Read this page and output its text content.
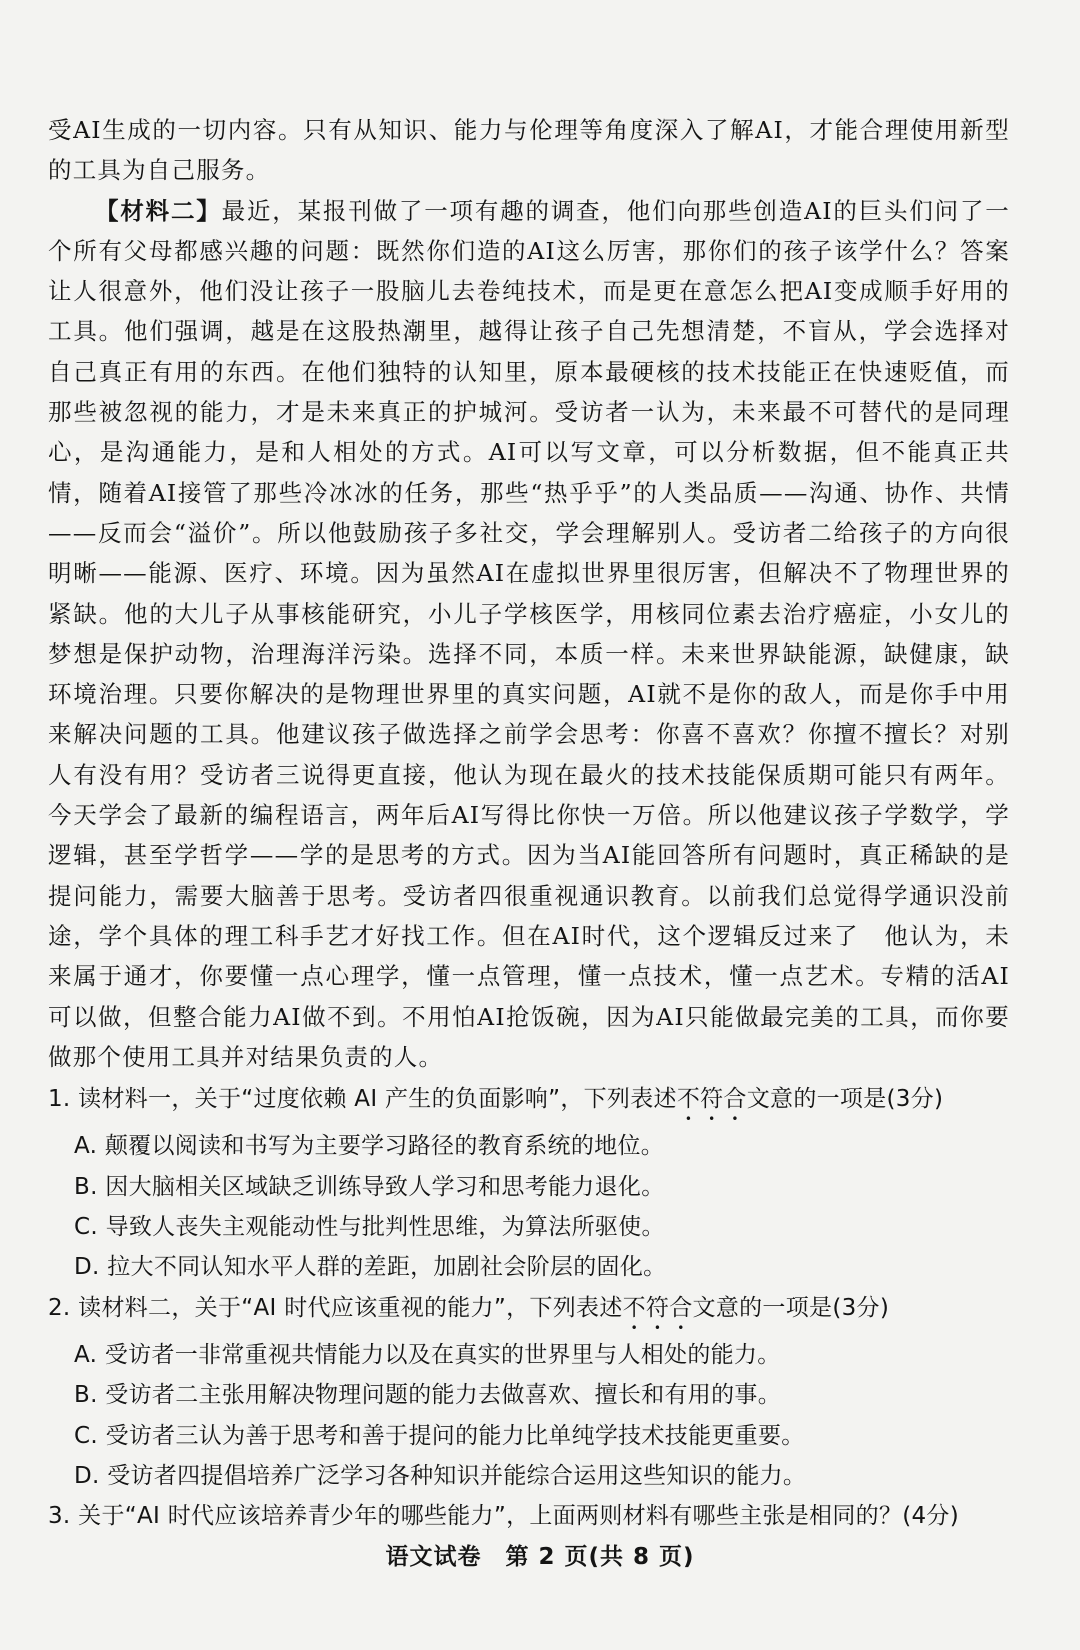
受AI生成的一切内容。只有从知识、能力与伦理等角度深入了解AI，才能合理使用新型的工具为自己服务。

【材料二】最近，某报刊做了一项有趣的调查，他们向那些创造AI的巨头们问了一个所有父母都感兴趣的问题：既然你们造的AI这么厉害，那你们的孩子该学什么？答案让人很意外，他们没让孩子一股脑儿去卷纯技术，而是更在意怎么把AI变成顺手好用的工具。他们强调，越是在这股热潮里，越得让孩子自己先想清楚，不盲从，学会选择对自己真正有用的东西。在他们独特的认知里，原本最硬核的技术技能正在快速贬值，而那些被忽视的能力，才是未来真正的护城河。受访者一认为，未来最不可替代的是同理心，是沟通能力，是和人相处的方式。AI可以写文章，可以分析数据，但不能真正共情，随着AI接管了那些冷冰冰的任务，那些“热乎乎”的人类品质——沟通、协作、共情——反而会“溢价”。所以他鼓励孩子多社交，学会理解别人。受访者二给孩子的方向很明晰——能源、医疗、环境。因为虽然AI在虚拟世界里很厉害，但解决不了物理世界的紧缺。他的大儿子从事核能研究，小儿子学核医学，用核同位素去治疗癌症，小女儿的梦想是保护动物，治理海洋污染。选择不同，本质一样。未来世界缺能源，缺健康，缺环境治理。只要你解决的是物理世界里的真实问题，AI就不是你的敌人，而是你手中用来解决问题的工具。他建议孩子做选择之前学会思考：你喜不喜欢？你擅不擅长？对别人有没有用？受访者三说得更直接，他认为现在最火的技术技能保质期可能只有两年。今天学会了最新的编程语言，两年后AI写得比你快一万倍。所以他建议孩子学数学，学逻辑，甚至学哲学——学的是思考的方式。因为当AI能回答所有问题时，真正稀缺的是提问能力，需要大脑善于思考。受访者四很重视通识教育。以前我们总觉得学通识没前途，学个具体的理工科手艺才好找工作。但在AI时代，这个逻辑反过来了　他认为，未来属于通才，你要懂一点心理学，懂一点管理，懂一点技术，懂一点艺术。专精的活AI可以做，但整合能力AI做不到。不用怕AI抢饭碗，因为AI只能做最完美的工具，而你要做那个使用工具并对结果负责的人。

1. 读材料一，关于“过度依赖 AI 产生的负面影响”，下列表述不符合文意的一项是(3分)

A. 颠覆以阅读和书写为主要学习路径的教育系统的地位。

B. 因大脑相关区域缺乏训练导致人学习和思考能力退化。

C. 导致人丧失主观能动性与批判性思维，为算法所驱使。

D. 拉大不同认知水平人群的差距，加剧社会阶层的固化。

2. 读材料二，关于“AI 时代应该重视的能力”，下列表述不符合文意的一项是(3分)

A. 受访者一非常重视共情能力以及在真实的世界里与人相处的能力。

B. 受访者二主张用解决物理问题的能力去做喜欢、擅长和有用的事。

C. 受访者三认为善于思考和善于提问的能力比单纯学技术技能更重要。

D. 受访者四提倡培养广泛学习各种知识并能综合运用这些知识的能力。

3. 关于“AI 时代应该培养青少年的哪些能力”，上面两则材料有哪些主张是相同的？(4分)

语文试卷　第 2 页(共 8 页)
